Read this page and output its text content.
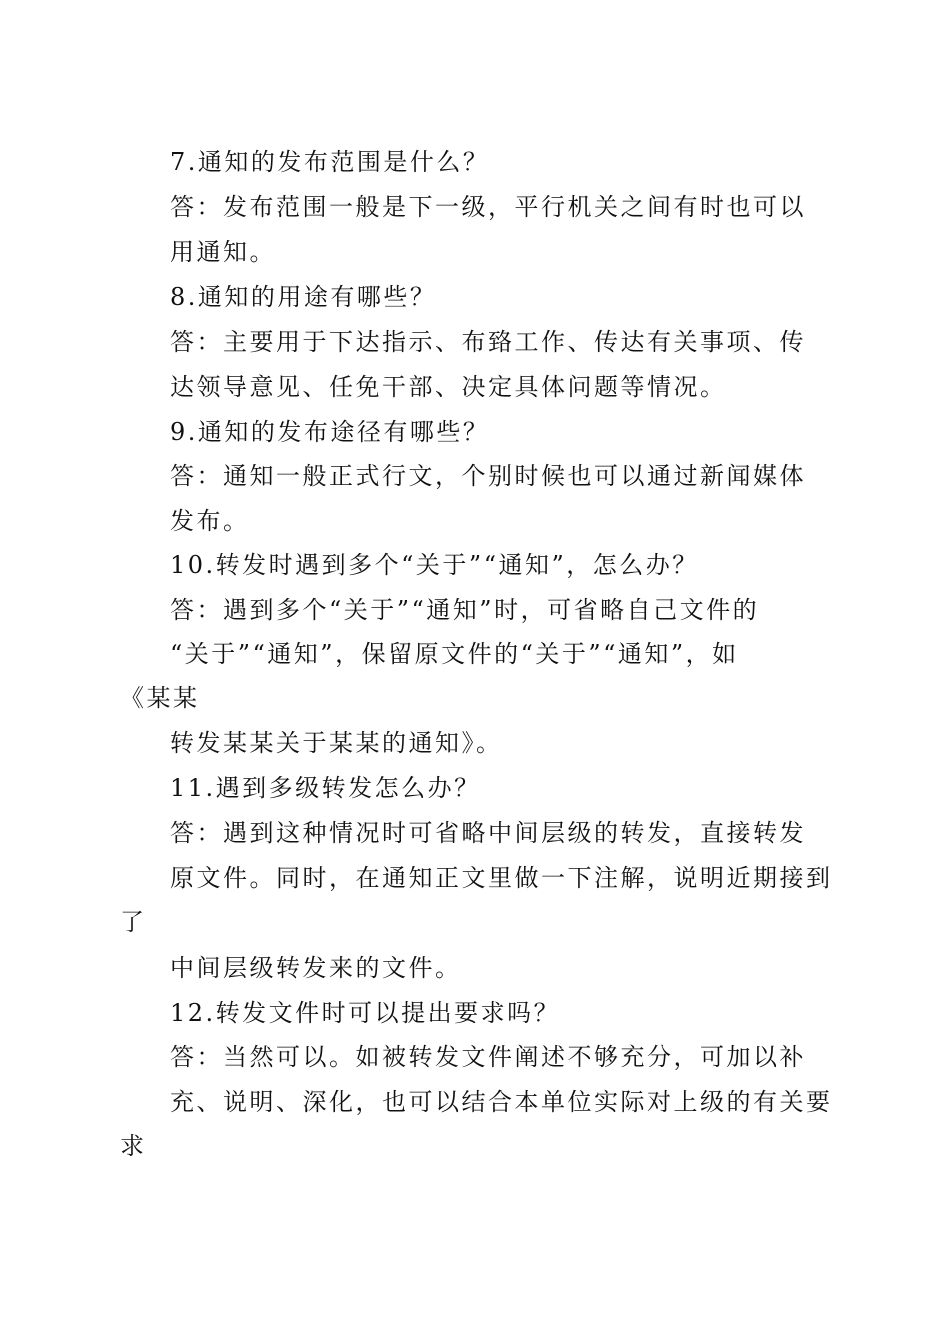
7.通知的发布范围是什么？

答：发布范围一般是下一级，平行机关之间有时也可以

用通知。

8.通知的用途有哪些？

答：主要用于下达指示、布臵工作、传达有关事项、传

达领导意见、任免干部、决定具体问题等情况。

9.通知的发布途径有哪些？

答：通知一般正式行文，个别时候也可以通过新闻媒体

发布。

10.转发时遇到多个“关于”“通知”，怎么办？

答：遇到多个“关于”“通知”时，可省略自己文件的

“关于”“通知”，保留原文件的“关于”“通知”，如

《某某

转发某某关于某某的通知》。

11.遇到多级转发怎么办？

答：遇到这种情况时可省略中间层级的转发，直接转发

原文件。同时，在通知正文里做一下注解，说明近期接到

了

中间层级转发来的文件。

12.转发文件时可以提出要求吗？

答：当然可以。如被转发文件阐述不够充分，可加以补

充、说明、深化，也可以结合本单位实际对上级的有关要

求
